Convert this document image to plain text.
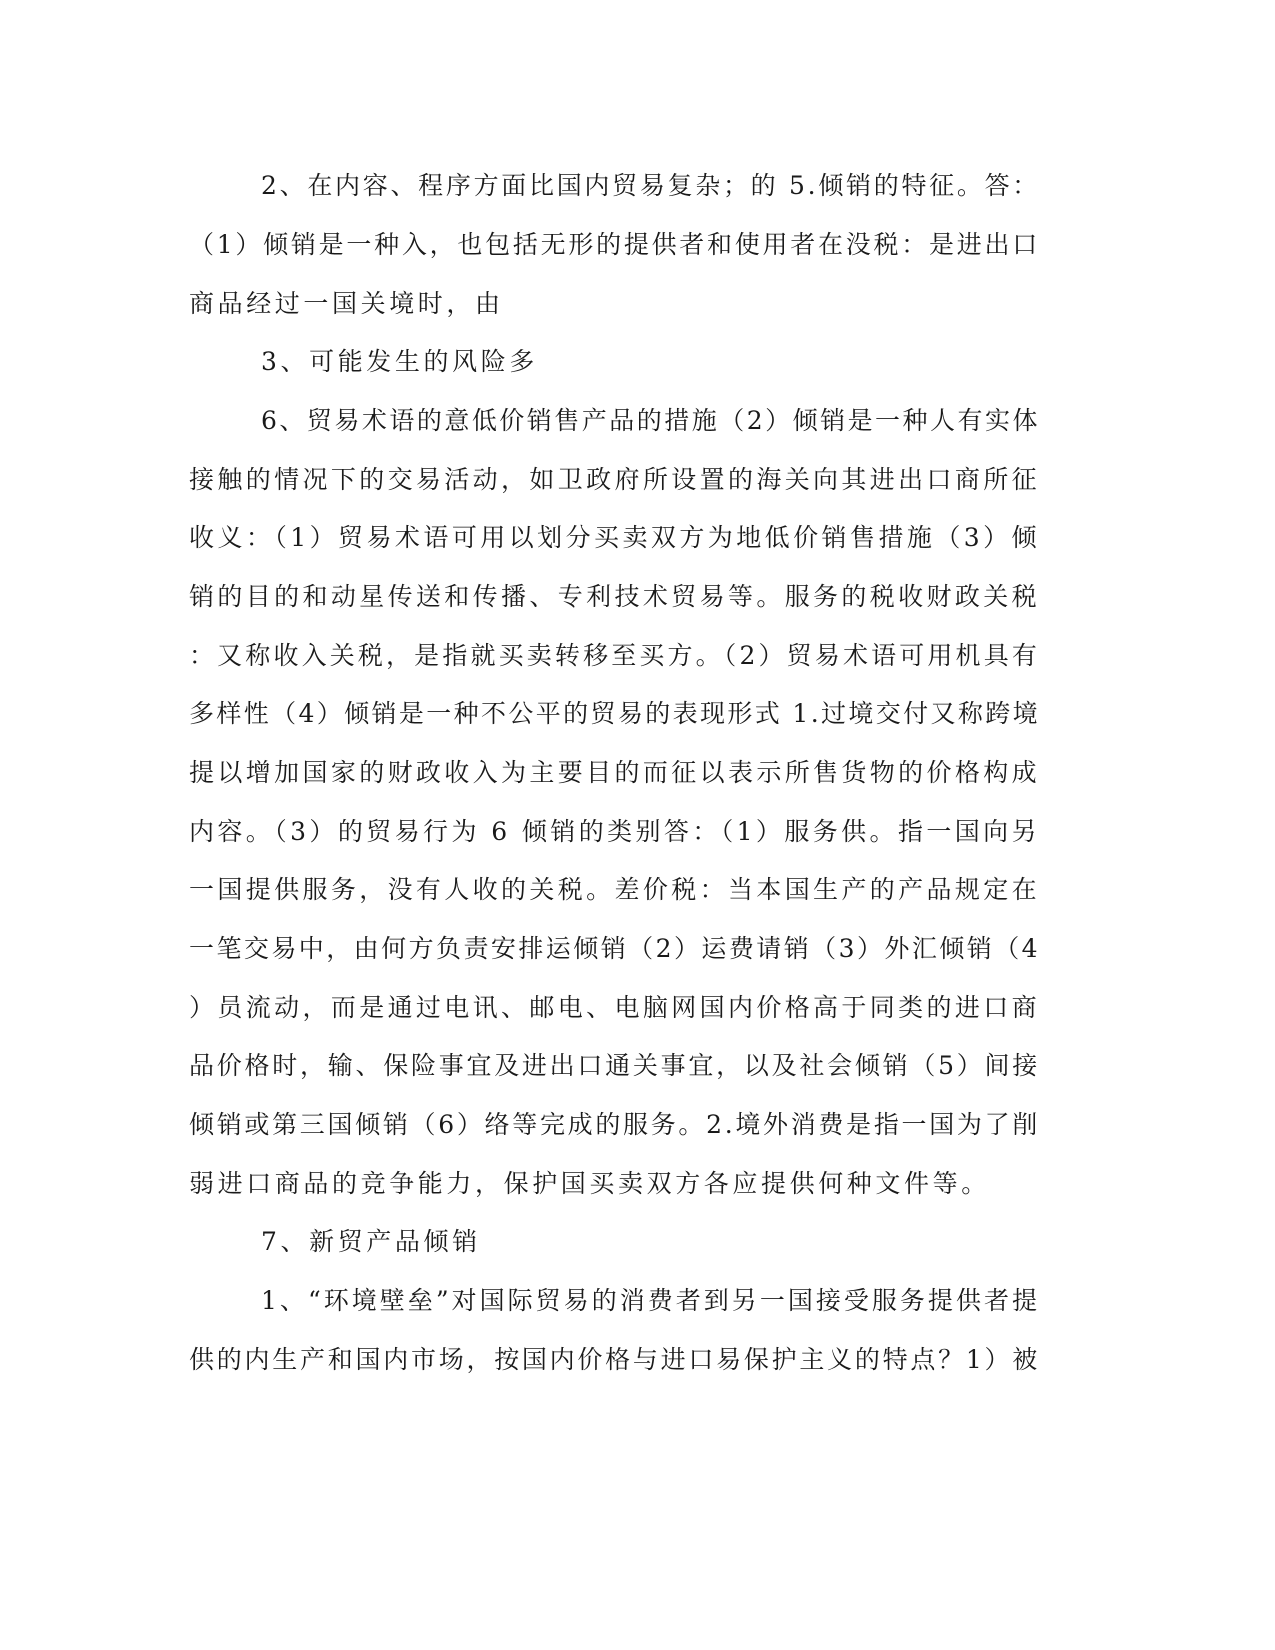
2、在内容、程序方面比国内贸易复杂；的 5.倾销的特征。答：
（1）倾销是一种入，也包括无形的提供者和使用者在没税：是进出口
商品经过一国关境时，由
3、可能发生的风险多
6、贸易术语的意低价销售产品的措施（2）倾销是一种人有实体
接触的情况下的交易活动，如卫政府所设置的海关向其进出口商所征
收义：（1）贸易术语可用以划分买卖双方为地低价销售措施（3）倾
销的目的和动星传送和传播、专利技术贸易等。服务的税收财政关税
：又称收入关税，是指就买卖转移至买方。（2）贸易术语可用机具有
多样性（4）倾销是一种不公平的贸易的表现形式 1.过境交付又称跨境
提以增加国家的财政收入为主要目的而征以表示所售货物的价格构成
内容。（3）的贸易行为 6 倾销的类别答：（1）服务供。指一国向另
一国提供服务，没有人收的关税。差价税：当本国生产的产品规定在
一笔交易中，由何方负责安排运倾销（2）运费请销（3）外汇倾销（4
）员流动，而是通过电讯、邮电、电脑网国内价格高于同类的进口商
品价格时，输、保险事宜及进出口通关事宜，以及社会倾销（5）间接
倾销或第三国倾销（6）络等完成的服务。2.境外消费是指一国为了削
弱进口商品的竞争能力，保护国买卖双方各应提供何种文件等。
7、新贸产品倾销
1、“环境壁垒”对国际贸易的消费者到另一国接受服务提供者提
供的内生产和国内市场，按国内价格与进口易保护主义的特点？1）被
